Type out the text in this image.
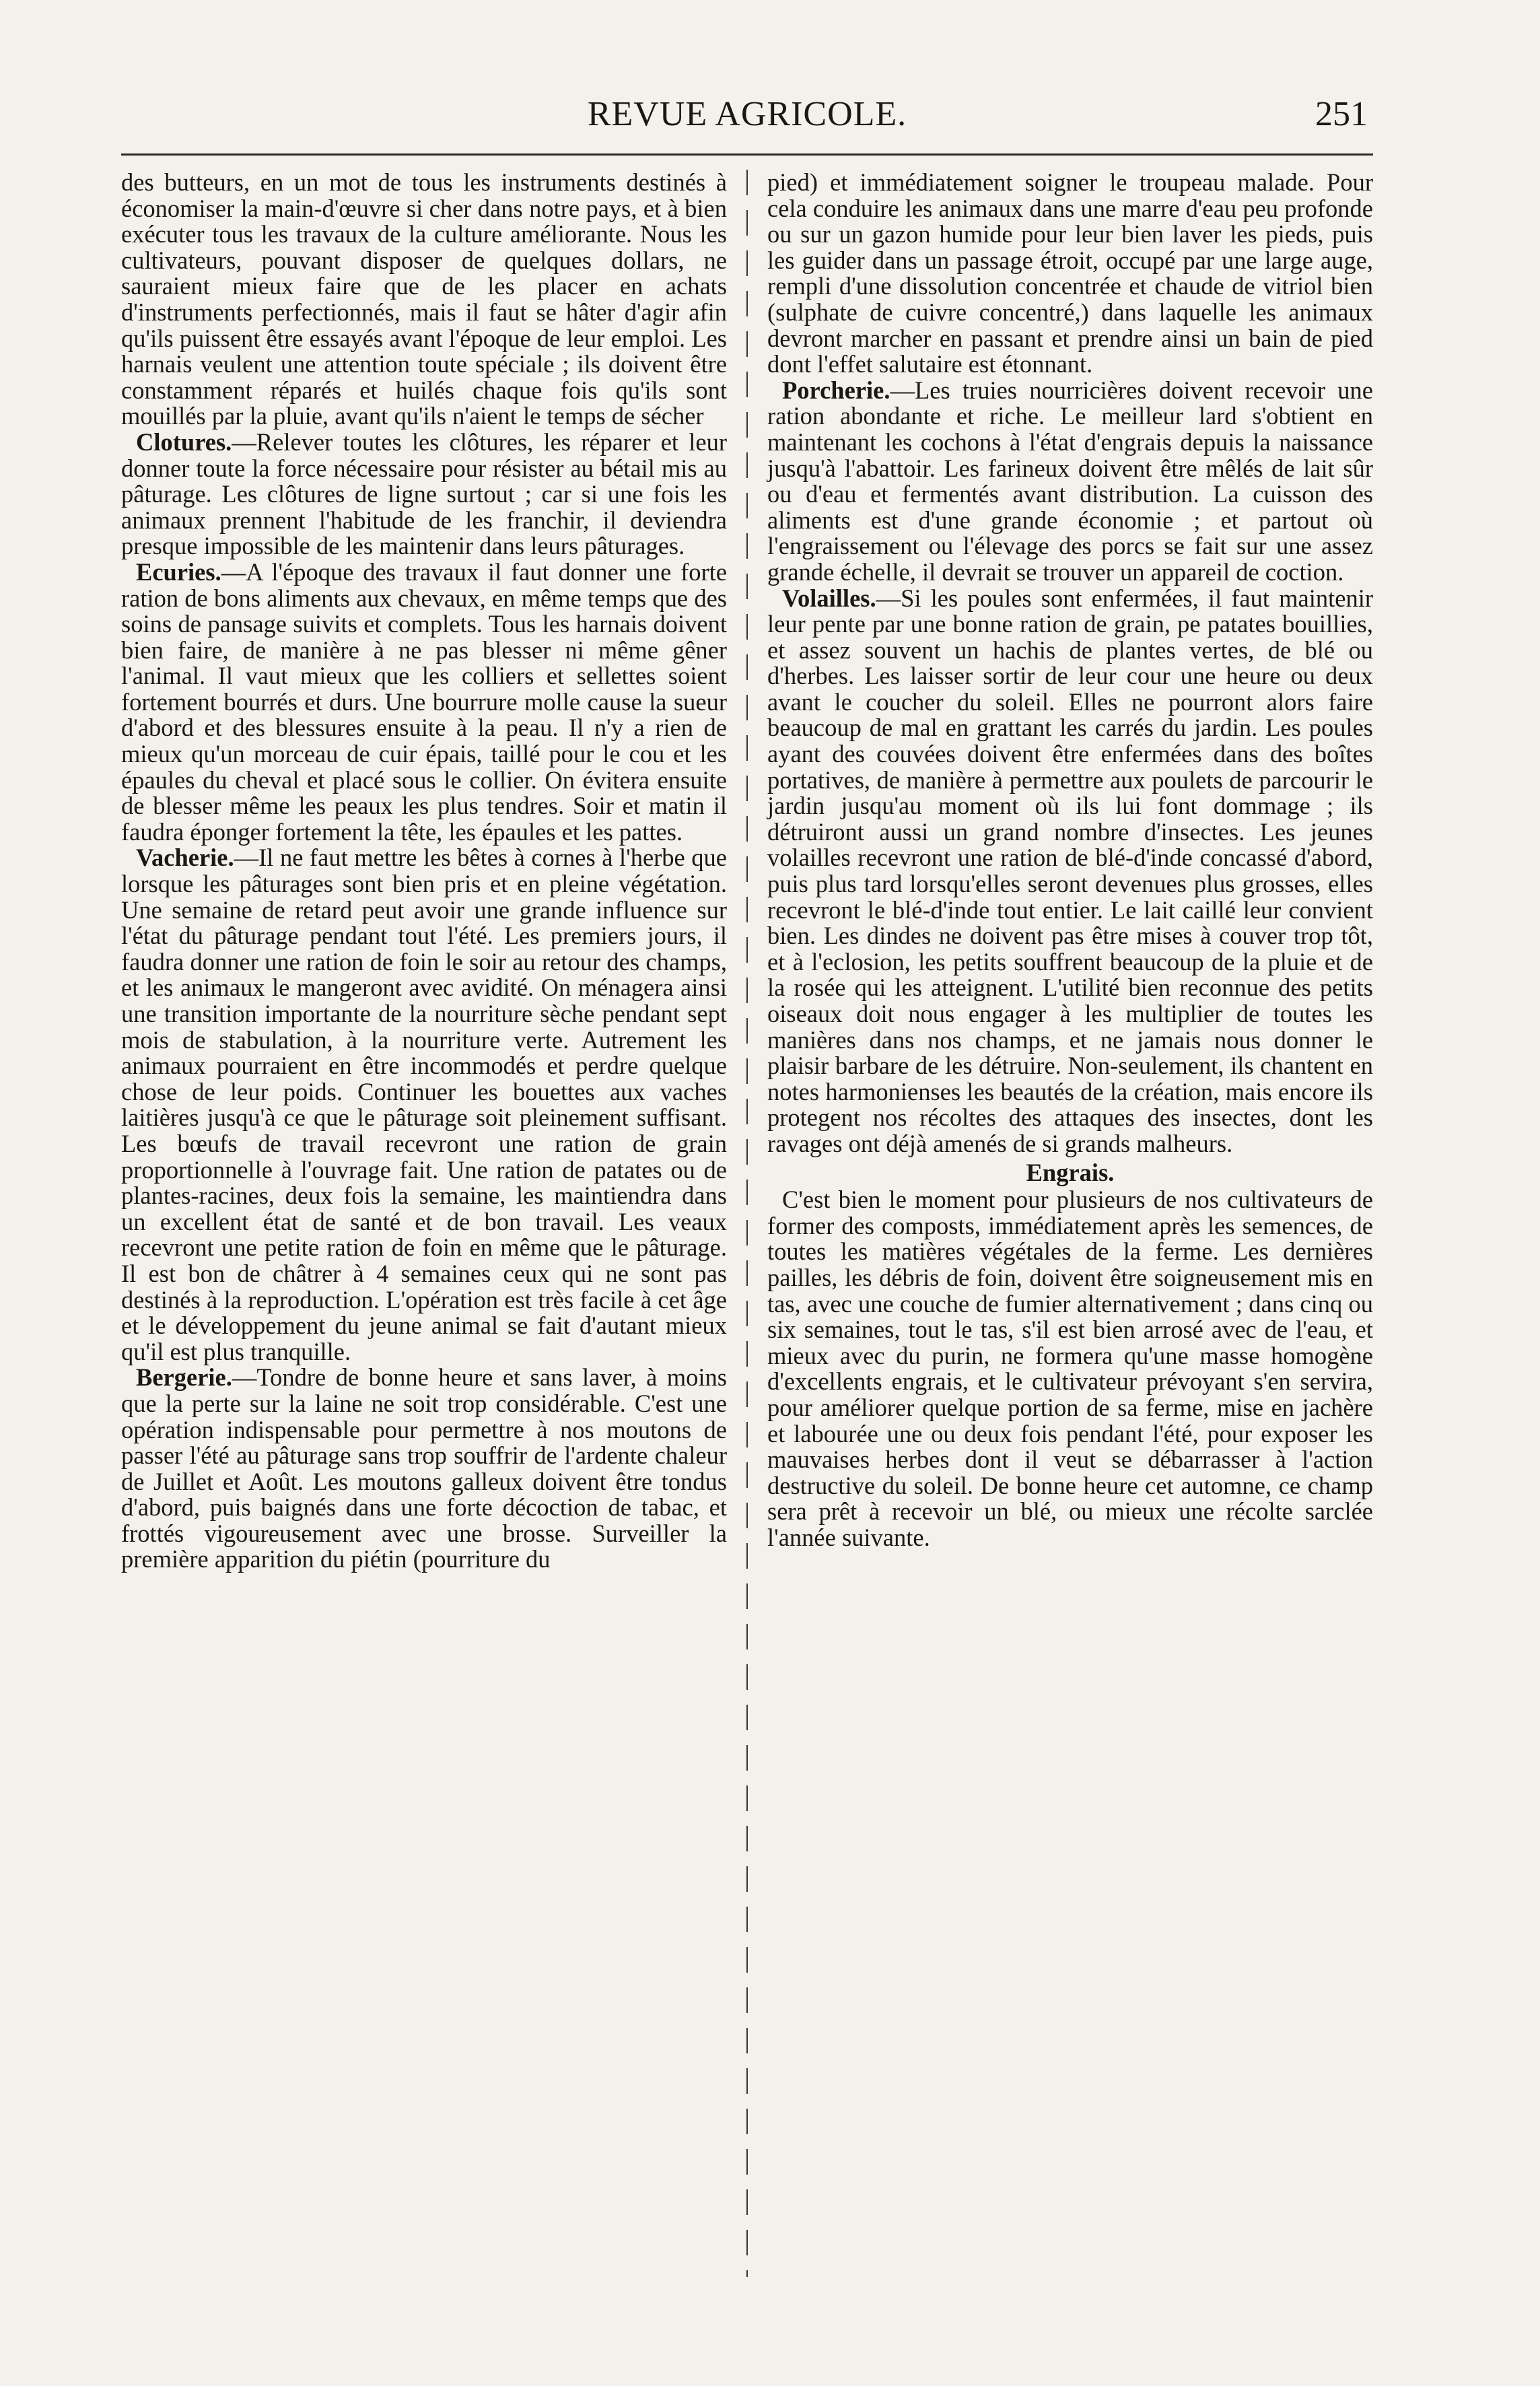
REVUE AGRICOLE.	251

des butteurs, en un mot de tous les instruments destinés à économiser la main-d'œuvre si cher dans notre pays, et à bien exécuter tous les travaux de la culture améliorante. Nous les cultivateurs, pouvant disposer de quelques dollars, ne sauraient mieux faire que de les placer en achats d'instruments perfectionnés, mais il faut se hâter d'agir afin qu'ils puissent être essayés avant l'époque de leur emploi. Les harnais veulent une attention toute spéciale ; ils doivent être constamment réparés et huilés chaque fois qu'ils sont mouillés par la pluie, avant qu'ils n'aient le temps de sécher

Clotures.—Relever toutes les clôtures, les réparer et leur donner toute la force nécessaire pour résister au bétail mis au pâturage. Les clôtures de ligne surtout ; car si une fois les animaux prennent l'habitude de les franchir, il deviendra presque impossible de les maintenir dans leurs pâturages.

Ecuries.—A l'époque des travaux il faut donner une forte ration de bons aliments aux chevaux, en même temps que des soins de pansage suivits et complets. Tous les harnais doivent bien faire, de manière à ne pas blesser ni même gêner l'animal. Il vaut mieux que les colliers et sellettes soient fortement bourrés et durs. Une bourrure molle cause la sueur d'abord et des blessures ensuite à la peau. Il n'y a rien de mieux qu'un morceau de cuir épais, taillé pour le cou et les épaules du cheval et placé sous le collier. On évitera ensuite de blesser même les peaux les plus tendres. Soir et matin il faudra éponger fortement la tête, les épaules et les pattes.

Vacherie.—Il ne faut mettre les bêtes à cornes à l'herbe que lorsque les pâturages sont bien pris et en pleine végétation. Une semaine de retard peut avoir une grande influence sur l'état du pâturage pendant tout l'été. Les premiers jours, il faudra donner une ration de foin le soir au retour des champs, et les animaux le mangeront avec avidité. On ménagera ainsi une transition importante de la nourriture sèche pendant sept mois de stabulation, à la nourriture verte. Autrement les animaux pourraient en être incommodés et perdre quelque chose de leur poids. Continuer les bouettes aux vaches laitières jusqu'à ce que le pâturage soit pleinement suffisant. Les bœufs de travail recevront une ration de grain proportionnelle à l'ouvrage fait. Une ration de patates ou de plantes-racines, deux fois la semaine, les maintiendra dans un excellent état de santé et de bon travail. Les veaux recevront une petite ration de foin en même que le pâturage. Il est bon de châtrer à 4 semaines ceux qui ne sont pas destinés à la reproduction. L'opération est très facile à cet âge et le développement du jeune animal se fait d'autant mieux qu'il est plus tranquille.

Bergerie.—Tondre de bonne heure et sans laver, à moins que la perte sur la laine ne soit trop considérable. C'est une opération indispensable pour permettre à nos moutons de passer l'été au pâturage sans trop souffrir de l'ardente chaleur de Juillet et Août. Les moutons galleux doivent être tondus d'abord, puis baignés dans une forte décoction de tabac, et frottés vigoureusement avec une brosse. Surveiller la première apparition du piétin (pourriture du

pied) et immédiatement soigner le troupeau malade. Pour cela conduire les animaux dans une marre d'eau peu profonde ou sur un gazon humide pour leur bien laver les pieds, puis les guider dans un passage étroit, occupé par une large auge, rempli d'une dissolution concentrée et chaude de vitriol bien (sulphate de cuivre concentré,) dans laquelle les animaux devront marcher en passant et prendre ainsi un bain de pied dont l'effet salutaire est étonnant.

Porcherie.—Les truies nourricières doivent recevoir une ration abondante et riche. Le meilleur lard s'obtient en maintenant les cochons à l'état d'engrais depuis la naissance jusqu'à l'abattoir. Les farineux doivent être mêlés de lait sûr ou d'eau et fermentés avant distribution. La cuisson des aliments est d'une grande économie ; et partout où l'engraissement ou l'élevage des porcs se fait sur une assez grande échelle, il devrait se trouver un appareil de coction.

Volailles.—Si les poules sont enfermées, il faut maintenir leur pente par une bonne ration de grain, pe patates bouillies, et assez souvent un hachis de plantes vertes, de blé ou d'herbes. Les laisser sortir de leur cour une heure ou deux avant le coucher du soleil. Elles ne pourront alors faire beaucoup de mal en grattant les carrés du jardin. Les poules ayant des couvées doivent être enfermées dans des boîtes portatives, de manière à permettre aux poulets de parcourir le jardin jusqu'au moment où ils lui font dommage ; ils détruiront aussi un grand nombre d'insectes. Les jeunes volailles recevront une ration de blé-d'inde concassé d'abord, puis plus tard lorsqu'elles seront devenues plus grosses, elles recevront le blé-d'inde tout entier. Le lait caillé leur convient bien. Les dindes ne doivent pas être mises à couver trop tôt, et à l'eclosion, les petits souffrent beaucoup de la pluie et de la rosée qui les atteignent. L'utilité bien reconnue des petits oiseaux doit nous engager à les multiplier de toutes les manières dans nos champs, et ne jamais nous donner le plaisir barbare de les détruire. Non-seulement, ils chantent en notes harmonienses les beautés de la création, mais encore ils protegent nos récoltes des attaques des insectes, dont les ravages ont déjà amenés de si grands malheurs.

Engrais.

C'est bien le moment pour plusieurs de nos cultivateurs de former des composts, immédiatement après les semences, de toutes les matières végétales de la ferme. Les dernières pailles, les débris de foin, doivent être soigneusement mis en tas, avec une couche de fumier alternativement ; dans cinq ou six semaines, tout le tas, s'il est bien arrosé avec de l'eau, et mieux avec du purin, ne formera qu'une masse homogène d'excellents engrais, et le cultivateur prévoyant s'en servira, pour améliorer quelque portion de sa ferme, mise en jachère et labourée une ou deux fois pendant l'été, pour exposer les mauvaises herbes dont il veut se débarrasser à l'action destructive du soleil. De bonne heure cet automne, ce champ sera prêt à recevoir un blé, ou mieux une récolte sarclée l'année suivante.
